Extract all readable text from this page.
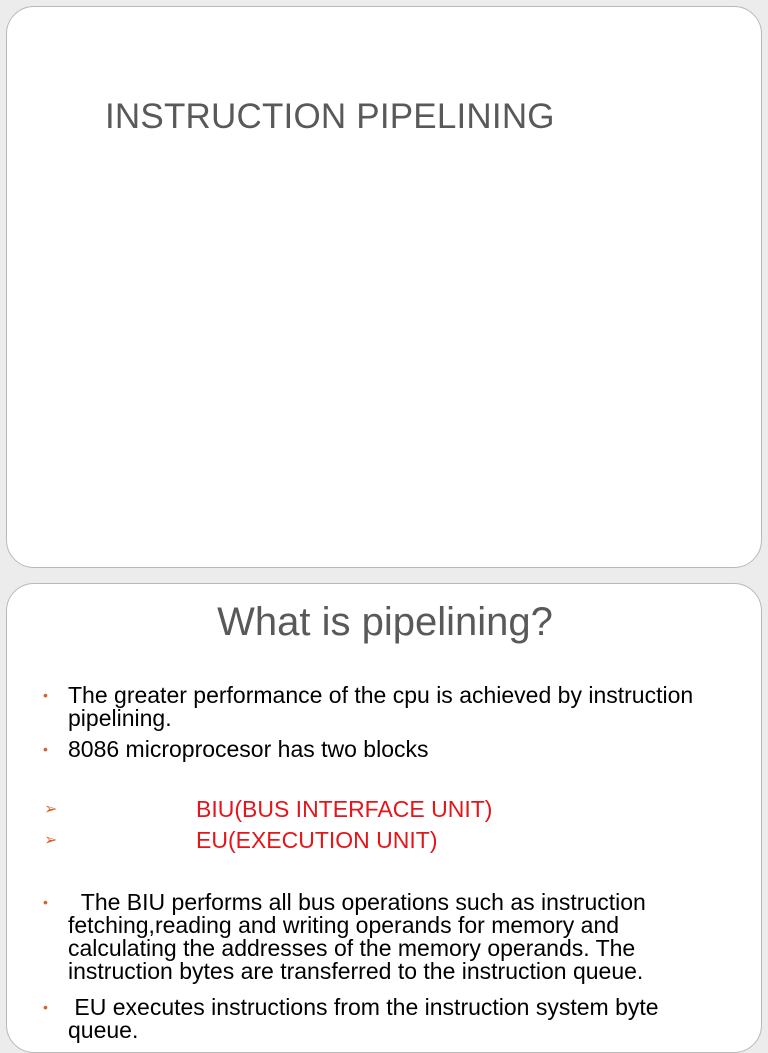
INSTRUCTION PIPELINING
What is pipelining?
• The greater performance of the cpu is achieved by instruction pipelining.
• 8086 microprocesor has two blocks
➢	BIU(BUS INTERFACE UNIT)
➢	EU(EXECUTION UNIT)
• The BIU performs all bus operations such as instruction fetching,reading and writing operands for memory and calculating the addresses of the memory operands. The instruction bytes are transferred to the instruction queue.
• EU executes instructions from the instruction system byte queue.
